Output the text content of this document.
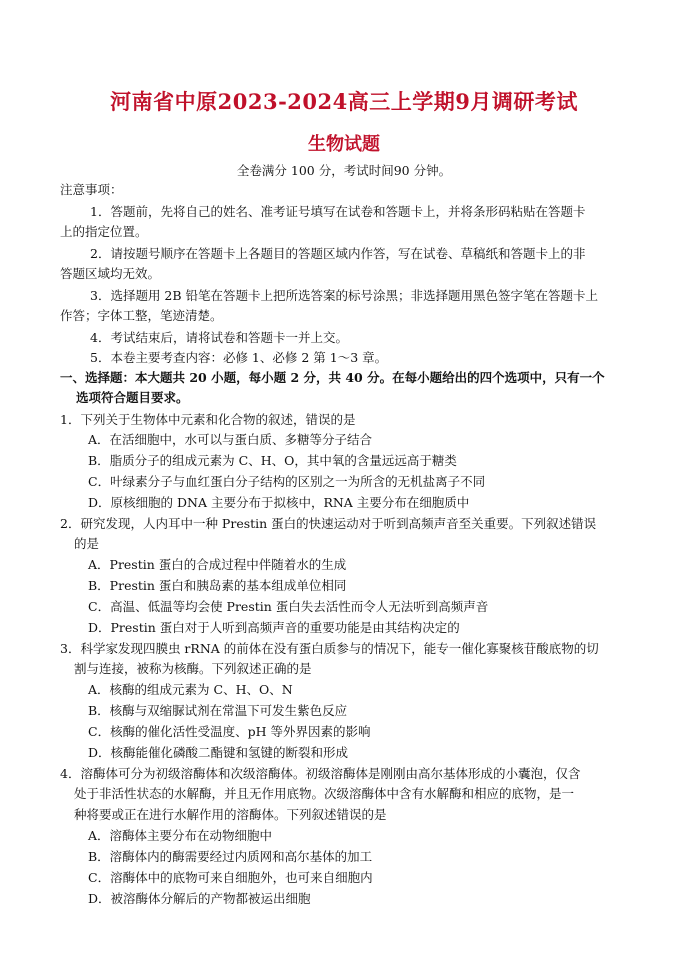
河南省中原2023-2024高三上学期9月调研考试
生物试题
全卷满分 100 分，考试时间90 分钟。
注意事项：
1．答题前，先将自己的姓名、准考证号填写在试卷和答题卡上，并将条形码粘贴在答题卡
上的指定位置。
2．请按题号顺序在答题卡上各题目的答题区域内作答，写在试卷、草稿纸和答题卡上的非
答题区域均无效。
3．选择题用 2B 铅笔在答题卡上把所选答案的标号涂黑；非选择题用黑色签字笔在答题卡上
作答；字体工整，笔迹清楚。
4．考试结束后，请将试卷和答题卡一并上交。
5．本卷主要考查内容：必修 1、必修 2 第 1～3 章。
一、选择题：本大题共 20 小题，每小题 2 分，共 40 分。在每小题给出的四个选项中，只有一个
选项符合题目要求。
1．下列关于生物体中元素和化合物的叙述，错误的是
A．在活细胞中，水可以与蛋白质、多糖等分子结合
B．脂质分子的组成元素为 C、H、O，其中氧的含量远远高于糖类
C．叶绿素分子与血红蛋白分子结构的区别之一为所含的无机盐离子不同
D．原核细胞的 DNA 主要分布于拟核中，RNA 主要分布在细胞质中
2．研究发现，人内耳中一种 Prestin 蛋白的快速运动对于听到高频声音至关重要。下列叙述错误
的是
A．Prestin 蛋白的合成过程中伴随着水的生成
B．Prestin 蛋白和胰岛素的基本组成单位相同
C．高温、低温等均会使 Prestin 蛋白失去活性而令人无法听到高频声音
D．Prestin 蛋白对于人听到高频声音的重要功能是由其结构决定的
3．科学家发现四膜虫 rRNA 的前体在没有蛋白质参与的情况下，能专一催化寡聚核苷酸底物的切
割与连接，被称为核酶。下列叙述正确的是
A．核酶的组成元素为 C、H、O、N
B．核酶与双缩脲试剂在常温下可发生紫色反应
C．核酶的催化活性受温度、pH 等外界因素的影响
D．核酶能催化磷酸二酯键和氢键的断裂和形成
4．溶酶体可分为初级溶酶体和次级溶酶体。初级溶酶体是刚刚由高尔基体形成的小囊泡，仅含
处于非活性状态的水解酶，并且无作用底物。次级溶酶体中含有水解酶和相应的底物，是一
种将要或正在进行水解作用的溶酶体。下列叙述错误的是
A．溶酶体主要分布在动物细胞中
B．溶酶体内的酶需要经过内质网和高尔基体的加工
C．溶酶体中的底物可来自细胞外，也可来自细胞内
D．被溶酶体分解后的产物都被运出细胞
